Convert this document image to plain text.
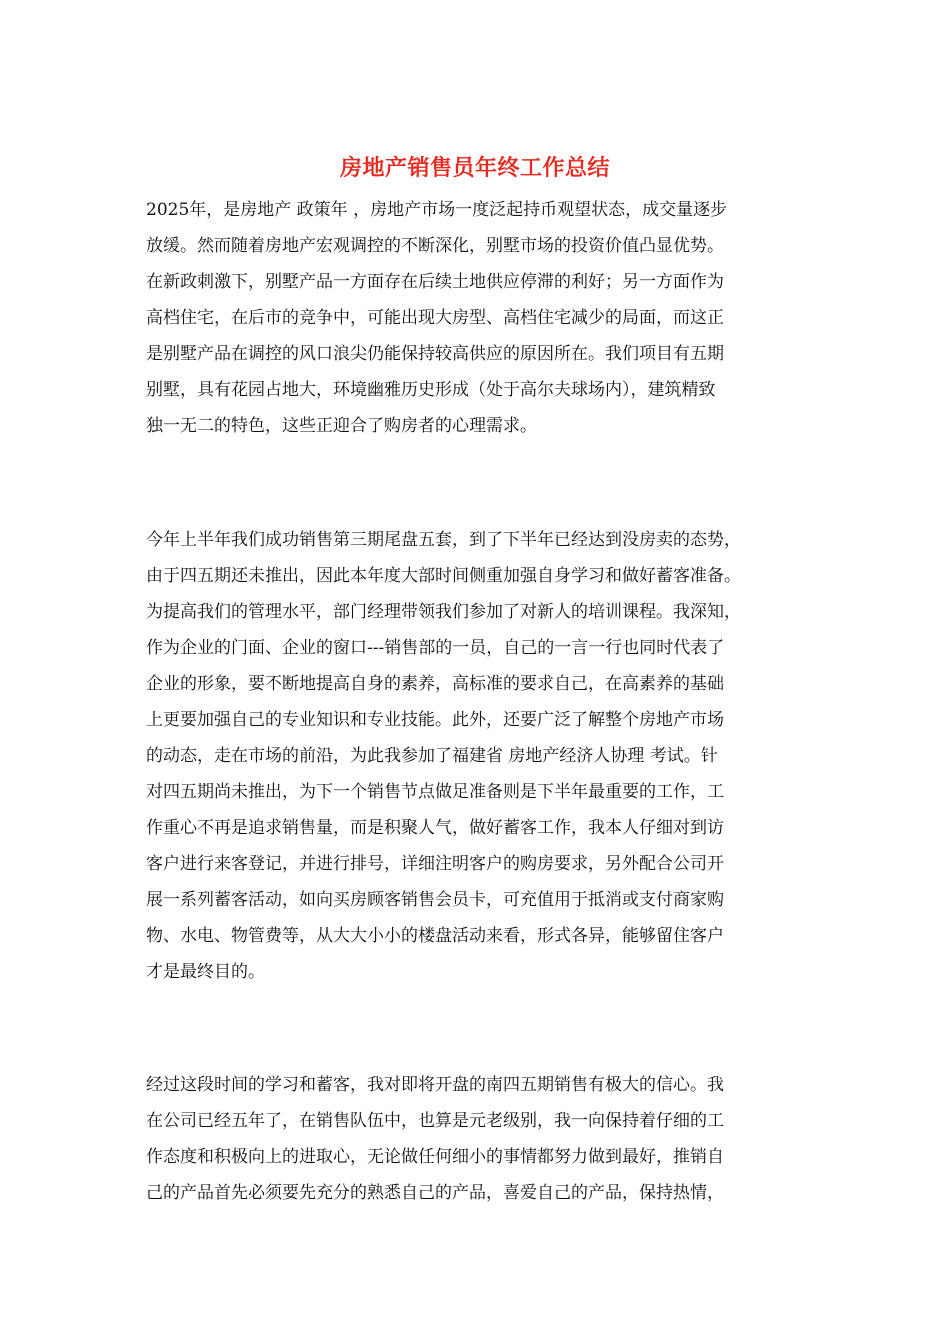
房地产销售员年终工作总结
2025年，是房地产 政策年 ，房地产市场一度泛起持币观望状态，成交量逐步
放缓。然而随着房地产宏观调控的不断深化，别墅市场的投资价值凸显优势。
在新政刺激下，别墅产品一方面存在后续土地供应停滞的利好；另一方面作为
高档住宅，在后市的竞争中，可能出现大房型、高档住宅减少的局面，而这正
是别墅产品在调控的风口浪尖仍能保持较高供应的原因所在。我们项目有五期
别墅，具有花园占地大，环境幽雅历史形成（处于高尔夫球场内），建筑精致
独一无二的特色，这些正迎合了购房者的心理需求。
今年上半年我们成功销售第三期尾盘五套，到了下半年已经达到没房卖的态势，
由于四五期还未推出，因此本年度大部时间侧重加强自身学习和做好蓄客准备。
为提高我们的管理水平，部门经理带领我们参加了对新人的培训课程。我深知，
作为企业的门面、企业的窗口---销售部的一员，自己的一言一行也同时代表了
企业的形象，要不断地提高自身的素养，高标准的要求自己，在高素养的基础
上更要加强自己的专业知识和专业技能。此外，还要广泛了解整个房地产市场
的动态，走在市场的前沿，为此我参加了福建省 房地产经济人协理 考试。针
对四五期尚未推出，为下一个销售节点做足准备则是下半年最重要的工作，工
作重心不再是追求销售量，而是积聚人气，做好蓄客工作，我本人仔细对到访
客户进行来客登记，并进行排号，详细注明客户的购房要求，另外配合公司开
展一系列蓄客活动，如向买房顾客销售会员卡，可充值用于抵消或支付商家购
物、水电、物管费等，从大大小小的楼盘活动来看，形式各异，能够留住客户
才是最终目的。
经过这段时间的学习和蓄客，我对即将开盘的南四五期销售有极大的信心。我
在公司已经五年了，在销售队伍中，也算是元老级别，我一向保持着仔细的工
作态度和积极向上的进取心，无论做任何细小的事情都努力做到最好，推销自
己的产品首先必须要先充分的熟悉自己的产品，喜爱自己的产品，保持热情，
